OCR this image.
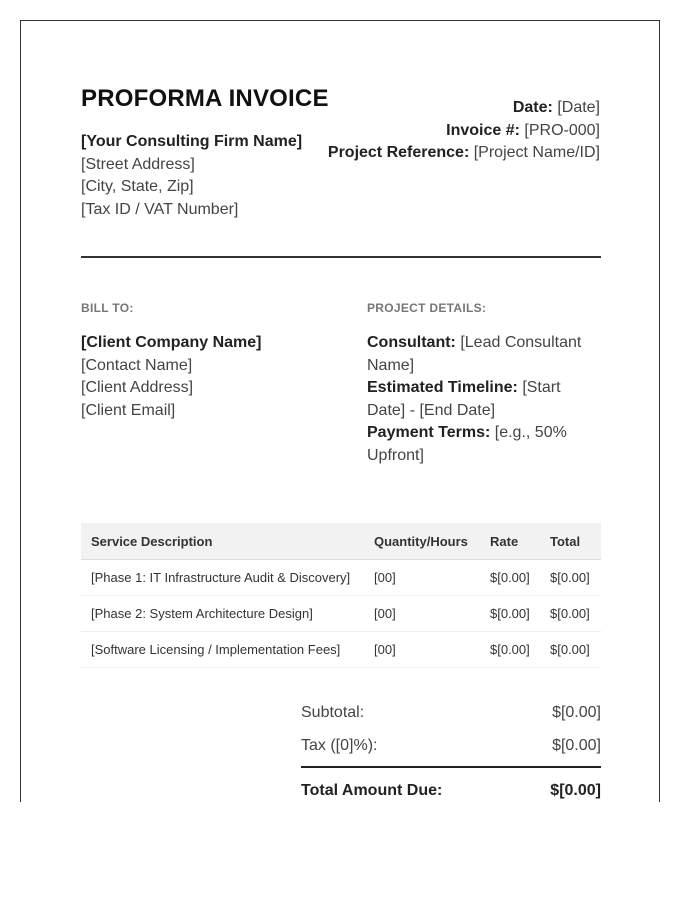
PROFORMA INVOICE
[Your Consulting Firm Name]
[Street Address]
[City, State, Zip]
[Tax ID / VAT Number]
Date: [Date]
Invoice #: [PRO-000]
Project Reference: [Project Name/ID]
BILL TO:	PROJECT DETAILS:
[Client Company Name]
[Contact Name]
[Client Address]
[Client Email]
Consultant: [Lead Consultant Name]
Estimated Timeline: [Start Date] - [End Date]
Payment Terms: [e.g., 50% Upfront]
Service Description	Quantity/Hours	Rate	Total
[Phase 1: IT Infrastructure Audit & Discovery]	[00]	$[0.00]	$[0.00]
[Phase 2: System Architecture Design]	[00]	$[0.00]	$[0.00]
[Software Licensing / Implementation Fees]	[00]	$[0.00]	$[0.00]
Subtotal:	$[0.00]
Tax ([0]%):	$[0.00]
Total Amount Due:	$[0.00]
